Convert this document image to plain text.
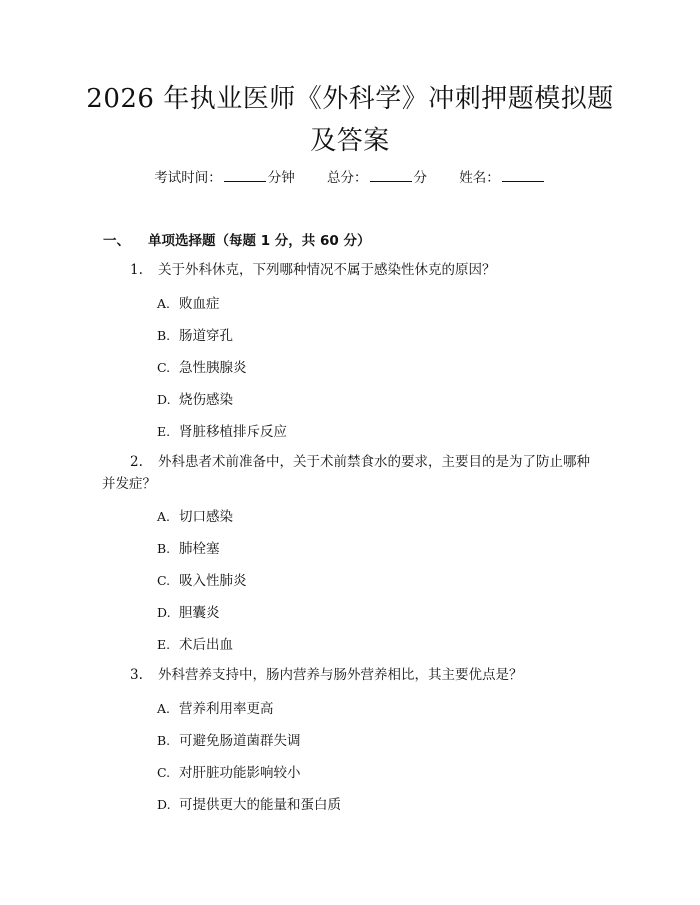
2026 年执业医师《外科学》冲刺押题模拟题
及答案
考试时间：	分钟 总分：	分 姓名：
一、 单项选择题（每题 1 分，共 60 分）
1. 关于外科休克，下列哪种情况不属于感染性休克的原因？
A. 败血症
B. 肠道穿孔
C. 急性胰腺炎
D. 烧伤感染
E. 肾脏移植排斥反应
2. 外科患者术前准备中，关于术前禁食水的要求，主要目的是为了防止哪种
并发症？
A. 切口感染
B. 肺栓塞
C. 吸入性肺炎
D. 胆囊炎
E. 术后出血
3. 外科营养支持中，肠内营养与肠外营养相比，其主要优点是？
A. 营养利用率更高
B. 可避免肠道菌群失调
C. 对肝脏功能影响较小
D. 可提供更大的能量和蛋白质
